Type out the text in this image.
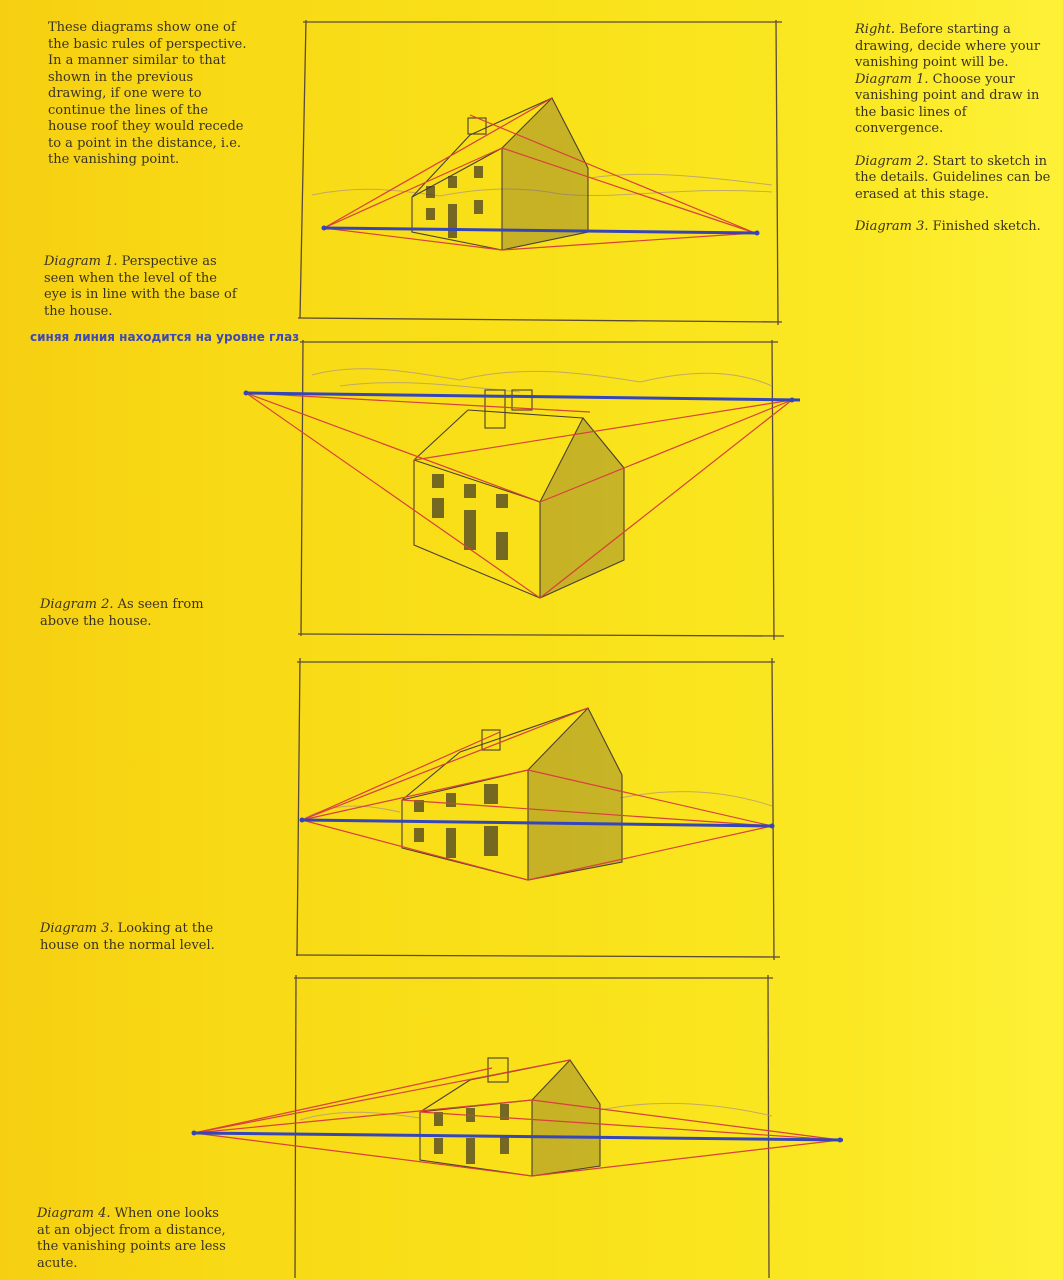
These diagrams show one of the basic rules of perspective. In a manner similar to that shown in the previous drawing, if one were to continue the lines of the house roof they would recede to a point in the distance, i.e. the vanishing point.

Diagram 1. Perspective as seen when the level of the eye is in line with the base of the house.

синяя линия находится на уровне глаз

Diagram 2. As seen from above the house.

Diagram 3. Looking at the house on the normal level.

Diagram 4. When one looks at an object from a distance, the vanishing points are less acute.

Right. Before starting a drawing, decide where your vanishing point will be.

Diagram 1. Choose your vanishing point and draw in the basic lines of convergence.

Diagram 2. Start to sketch in the details. Guidelines can be erased at this stage.

Diagram 3. Finished sketch.
